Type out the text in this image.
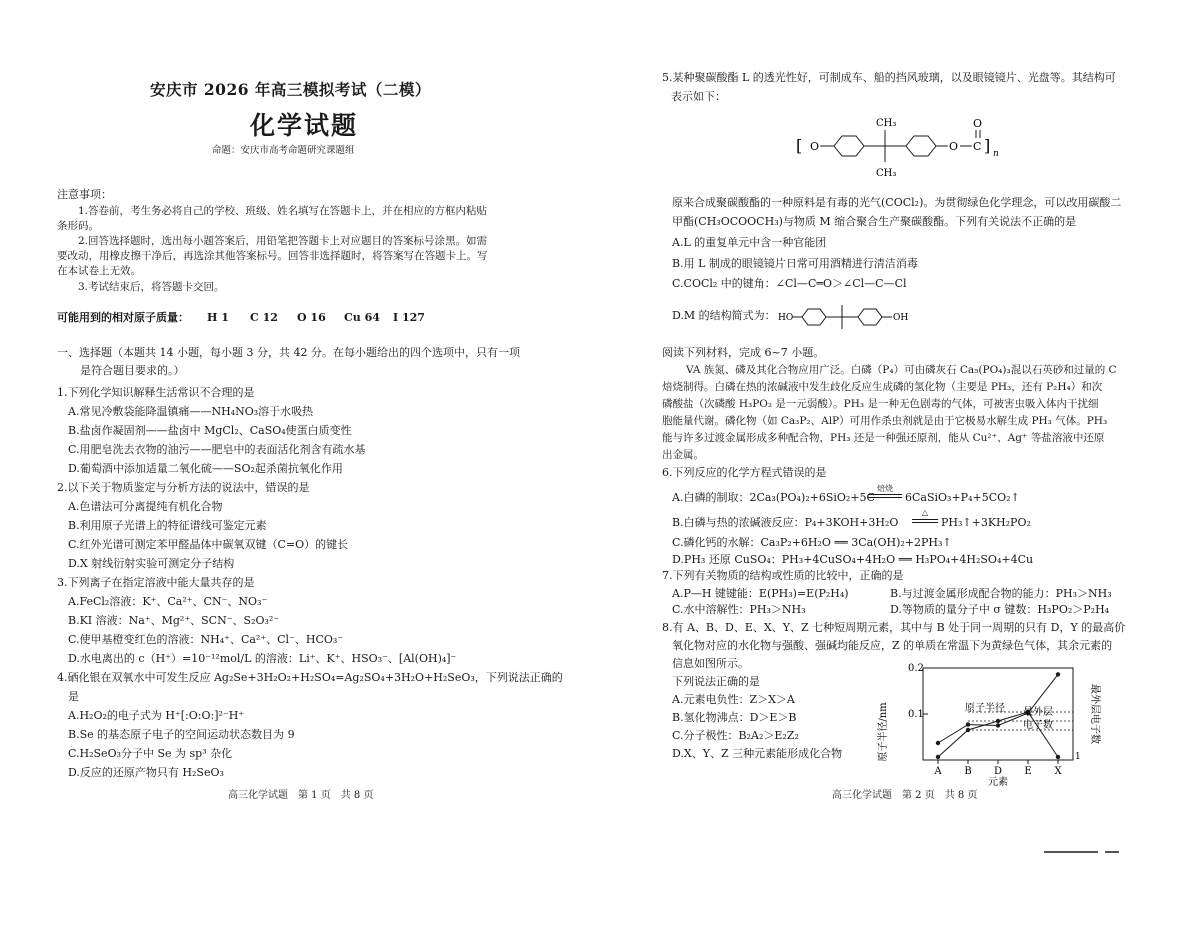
安庆市 2026 年高三模拟考试（二模）
化学试题
命题：安庆市高考命题研究课题组
注意事项：
1.答卷前，考生务必将自己的学校、班级、姓名填写在答题卡上，并在相应的方框内粘贴
条形码。
2.回答选择题时，选出每小题答案后，用铅笔把答题卡上对应题目的答案标号涂黑。如需
要改动，用橡皮擦干净后，再选涂其他答案标号。回答非选择题时，将答案写在答题卡上。写
在本试卷上无效。
3.考试结束后，将答题卡交回。
可能用到的相对原子质量： H 1 C 12 O 16 Cu 64 I 127
一、选择题（本题共 14 小题，每小题 3 分，共 42 分。在每小题给出的四个选项中，只有一项
是符合题目要求的。）
1.下列化学知识解释生活常识不合理的是
A.常见冷敷袋能降温镇痛——NH₄NO₃溶于水吸热
B.盐卤作凝固剂——盐卤中 MgCl₂、CaSO₄使蛋白质变性
C.用肥皂洗去衣物的油污——肥皂中的表面活化剂含有疏水基
D.葡萄酒中添加适量二氧化硫——SO₂起杀菌抗氧化作用
2.以下关于物质鉴定与分析方法的说法中，错误的是
A.色谱法可分离提纯有机化合物
B.利用原子光谱上的特征谱线可鉴定元素
C.红外光谱可测定苯甲醛晶体中碳氧双键（C=O）的键长
D.X 射线衍射实验可测定分子结构
3.下列离子在指定溶液中能大量共存的是
A.FeCl₂溶液：K⁺、Ca²⁺、CN⁻、NO₃⁻
B.KI 溶液：Na⁺、Mg²⁺、SCN⁻、S₂O₃²⁻
C.使甲基橙变红色的溶液：NH₄⁺、Ca²⁺、Cl⁻、HCO₃⁻
D.水电离出的 c（H⁺）=10⁻¹²mol/L 的溶液：Li⁺、K⁺、HSO₃⁻、[Al(OH)₄]⁻
4.硒化银在双氧水中可发生反应 Ag₂Se+3H₂O₂+H₂SO₄=Ag₂SO₄+3H₂O+H₂SeO₃，下列说法正确的
是
A.H₂O₂的电子式为 H⁺[:O:O:]²⁻H⁺
B.Se 的基态原子电子的空间运动状态数目为 9
C.H₂SeO₃分子中 Se 为 sp³ 杂化
D.反应的还原产物只有 H₂SeO₃
高三化学试题　第 1 页　共 8 页
5.某种聚碳酸酯 L 的透光性好，可制成车、船的挡风玻璃，以及眼镜镜片、光盘等。其结构可
表示如下：
[ O
CH₃
CH₃
O C
O
] n
原来合成聚碳酸酯的一种原料是有毒的光气(COCl₂)。为贯彻绿色化学理念，可以改用碳酸二
甲酯(CH₃OCOOCH₃)与物质 M 缩合聚合生产聚碳酸酯。下列有关说法不正确的是
A.L 的重复单元中含一种官能团
B.用 L 制成的眼镜镜片日常可用酒精进行清洁消毒
C.COCl₂ 中的键角：∠Cl—C═O＞∠Cl—C—Cl
D.M 的结构简式为： HO	OH
阅读下列材料，完成 6~7 小题。
VA 族氮、磷及其化合物应用广泛。白磷（P₄）可由磷灰石 Ca₅(PO₄)₃混以石英砂和过量的 C
焙烧制得。白磷在热的浓碱液中发生歧化反应生成磷的氢化物（主要是 PH₃，还有 P₂H₄）和次
磷酸盐（次磷酸 H₃PO₂ 是一元弱酸）。PH₃ 是一种无色剧毒的气体，可被害虫吸入体内干扰细
胞能量代谢。磷化物（如 Ca₃P₂、AlP）可用作杀虫剂就是由于它极易水解生成 PH₃ 气体。PH₃
能与许多过渡金属形成多种配合物，PH₃ 还是一种强还原剂，能从 Cu²⁺、Ag⁺ 等盐溶液中还原
出金属。
6.下列反应的化学方程式错误的是
A.白磷的制取：2Ca₃(PO₄)₂+6SiO₂+5C
焙烧
6CaSiO₃+P₄+5CO₂↑
B.白磷与热的浓碱液反应：P₄+3KOH+3H₂O
△
PH₃↑+3KH₂PO₂
C.磷化钙的水解：Ca₃P₂+6H₂O ══ 3Ca(OH)₂+2PH₃↑
D.PH₃ 还原 CuSO₄：PH₃+4CuSO₄+4H₂O ══ H₃PO₄+4H₂SO₄+4Cu
7.下列有关物质的结构或性质的比较中，正确的是
A.P—H 键键能：E(PH₃)=E(P₂H₄)	B.与过渡金属形成配合物的能力：PH₃＞NH₃
C.水中溶解性：PH₃＞NH₃	D.等物质的量分子中 σ 键数：H₃PO₂＞P₂H₄
8.有 A、B、D、E、X、Y、Z 七种短周期元素，其中与 B 处于同一周期的只有 D，Y 的最高价
氧化物对应的水化物与强酸、强碱均能反应，Z 的单质在常温下为黄绿色气体，其余元素的
信息如图所示。
下列说法正确的是
A.元素电负性：Z＞X＞A
B.氢化物沸点：D＞E＞B
C.分子极性：B₂A₂＞E₂Z₂
D.X、Y、Z 三种元素能形成化合物
0.2
0.1
原子半径/nm	最外层电子数
1
元素
A B D E X
原子半径 最外层
电子数
高三化学试题　第 2 页　共 8 页
